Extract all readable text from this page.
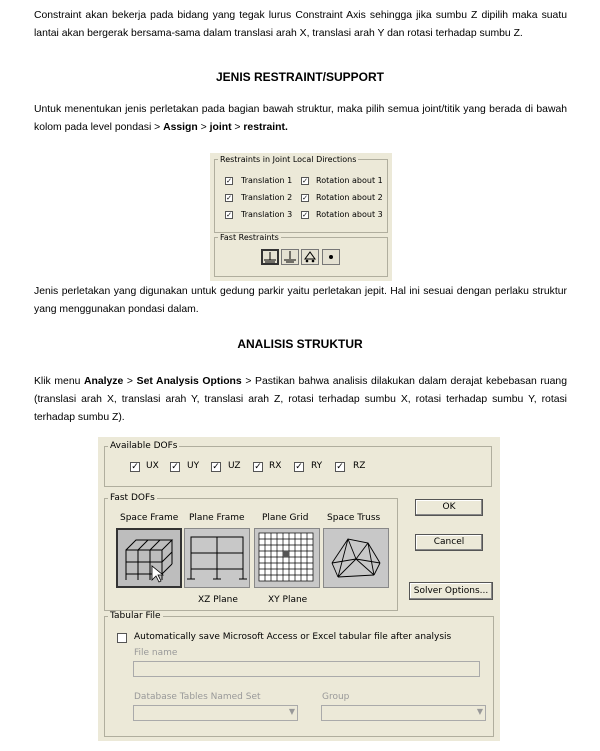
Constraint akan bekerja pada bidang yang tegak lurus Constraint Axis sehingga jika sumbu Z dipilih maka suatu lantai akan bergerak bersama-sama dalam translasi arah X, translasi arah Y dan rotasi terhadap sumbu Z.

JENIS RESTRAINT/SUPPORT

Untuk menentukan jenis perletakan pada bagian bawah struktur, maka pilih semua joint/titik yang berada di bawah kolom pada level pondasi > Assign > joint > restraint.

Restraints in Joint Local Directions
✓ Translation 1
✓ Translation 2
✓ Translation 3
✓ Rotation about 1
✓ Rotation about 2
✓ Rotation about 3
Fast Restraints

Jenis perletakan yang digunakan untuk gedung parkir yaitu perletakan jepit. Hal ini sesuai dengan perlaku struktur yang menggunakan pondasi dalam.

ANALISIS STRUKTUR

Klik menu Analyze > Set Analysis Options > Pastikan bahwa analisis dilakukan dalam derajat kebebasan ruang (translasi arah X, translasi arah Y, translasi arah Z, rotasi terhadap sumbu X, rotasi terhadap sumbu Y, rotasi terhadap sumbu Z).

Available DOFs
✓ UX ✓ UY ✓ UZ ✓ RX ✓ RY ✓ RZ
Fast DOFs
Space Frame Plane Frame Plane Grid Space Truss
XZ Plane	XY Plane
OK
Cancel
Solver Options...
Tabular File
Automatically save Microsoft Access or Excel tabular file after analysis
File name
Database Tables Named Set
▼
Group
▼
